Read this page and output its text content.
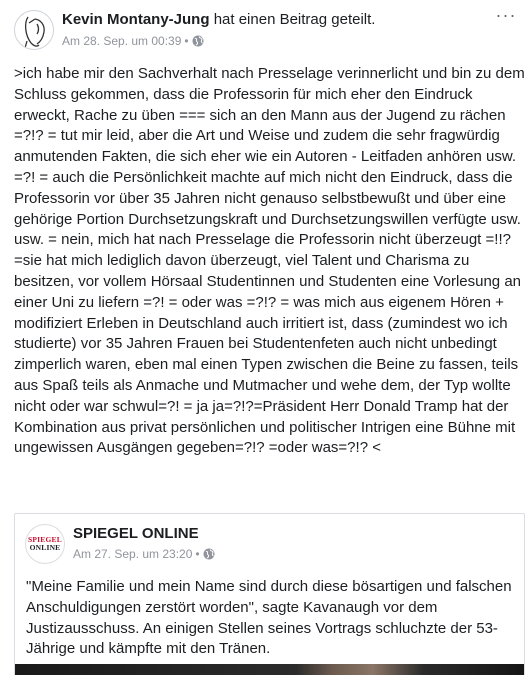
Kevin Montany-Jung hat einen Beitrag geteilt.
Am 28. Sep. um 00:39 •
···
>ich habe mir den Sachverhalt nach Presselage verinnerlicht und bin zu dem Schluss gekommen, dass die Professorin für mich eher den Eindruck erweckt, Rache zu üben === sich an den Mann aus der Jugend zu rächen =?!? = tut mir leid, aber die Art und Weise und zudem die sehr fragwürdig anmutenden Fakten, die sich eher wie ein Autoren - Leitfaden anhören usw. =?! = auch die Persönlichkeit machte auf mich nicht den Eindruck, dass die Professorin vor über 35 Jahren nicht genauso selbstbewußt und über eine gehörige Portion Durchsetzungskraft und Durchsetzungswillen verfügte usw. usw. = nein, mich hat nach Presselage die Professorin nicht überzeugt =!!? =sie hat mich lediglich davon überzeugt, viel Talent und Charisma zu besitzen, vor vollem Hörsaal Studentinnen und Studenten eine Vorlesung an einer Uni zu liefern =?! = oder was =?!? = was mich aus eigenem Hören + modifiziert Erleben in Deutschland auch irritiert ist, dass (zumindest wo ich studierte) vor 35 Jahren Frauen bei Studentenfeten auch nicht unbedingt zimperlich waren, eben mal einen Typen zwischen die Beine zu fassen, teils aus Spaß teils als Anmache und Mutmacher und wehe dem, der Typ wollte nicht oder war schwul=?! = ja ja=?!?=Präsident Herr Donald Tramp hat der Kombination aus privat persönlichen und politischer Intrigen eine Bühne mit ungewissen Ausgängen gegeben=?!? =oder was=?!? <
SPIEGEL
ONLINE
SPIEGEL ONLINE
Am 27. Sep. um 23:20 •
"Meine Familie und mein Name sind durch diese bösartigen und falschen Anschuldigungen zerstört worden", sagte Kavanaugh vor dem Justizausschuss. An einigen Stellen seines Vortrags schluchzte der 53-Jährige und kämpfte mit den Tränen.
